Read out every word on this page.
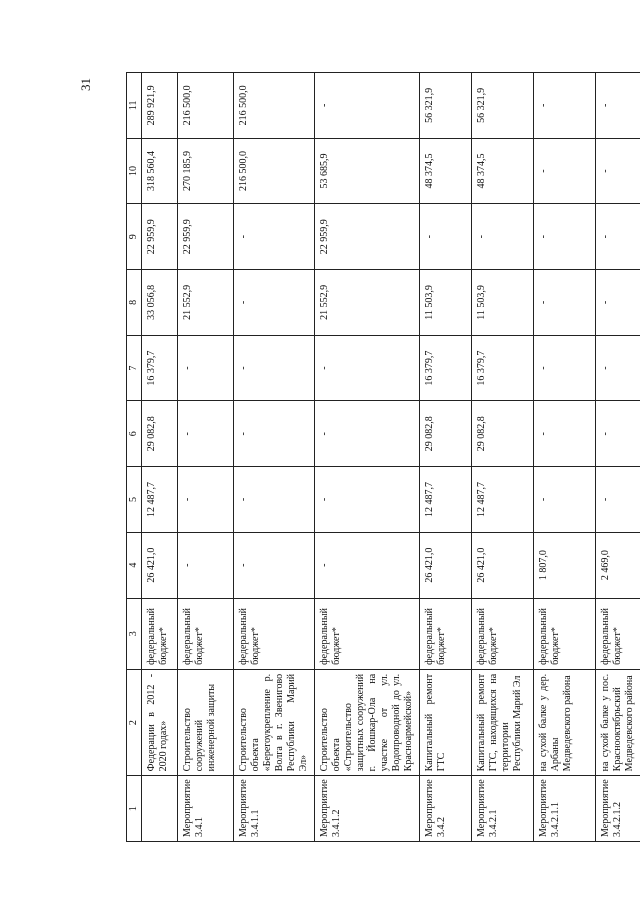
31
1	2	3	4	5	6	7	8	9	10	11
	Федерации в 2012 - 2020 годах»	федеральный бюджет*	26 421,0	12 487,7	29 082,8	16 379,7	33 056,8	22 959,9	318 560,4	289 921,9
Мероприятие 3.4.1	Строительство сооружений инженерной защиты	федеральный бюджет*	-	-	-	-	21 552,9	22 959,9	270 185,9	216 500,0
Мероприятие 3.4.1.1	Строительство объекта «Берегоукрепление р. Волга в г. Звенигово Республики Марий Эл»	федеральный бюджет*	-	-	-	-	-	-	216 500,0	216 500,0
Мероприятие 3.4.1.2	Строительство объекта «Строительство защитных сооружений г. Йошкар-Ола на участке от ул. Водопроводной до ул. Красноармейской»	федеральный бюджет*	-	-	-	-	21 552,9	22 959,9	53 685,9	-
Мероприятие 3.4.2	Капитальный ремонт ГТС	федеральный бюджет*	26 421,0	12 487,7	29 082,8	16 379,7	11 503,9	-	48 374,5	56 321,9
Мероприятие 3.4.2.1	Капитальный ремонт ГТС, находящихся на территории Республики Марий Эл	федеральный бюджет*	26 421,0	12 487,7	29 082,8	16 379,7	11 503,9	-	48 374,5	56 321,9
Мероприятие 3.4.2.1.1	на сухой балке у дер. Арбаны Медведевского района	федеральный бюджет*	1 807,0	-	-	-	-	-	-	-
Мероприятие 3.4.2.1.2	на сухой балке у пос. Краснооктябрьский Медведевского района	федеральный бюджет*	2 469,0	-	-	-	-	-	-	-
